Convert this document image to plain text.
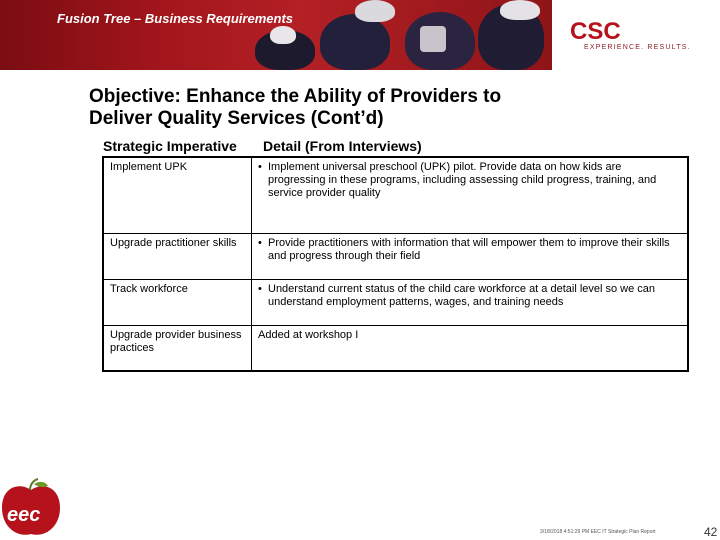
Fusion Tree – Business Requirements	CSC
EXPERIENCE. RESULTS.
Objective: Enhance the Ability of Providers to
Deliver Quality Services (Cont’d)
Strategic Imperative Detail (From Interviews)
Implement UPK	• Implement universal preschool (UPK) pilot. Provide data on how kids are progressing in these programs, including assessing child progress, training, and service provider quality

Upgrade practitioner skills	• Provide practitioners with information that will empower them to improve their skills and progress through their field

Track workforce	• Understand current status of the child care workforce at a detail level so we can understand employment patterns, wages, and training needs

Upgrade provider business practices	Added at workshop I
eec
3/18/2018 4:51:29 PM EEC IT Strategic Plan Report	42
